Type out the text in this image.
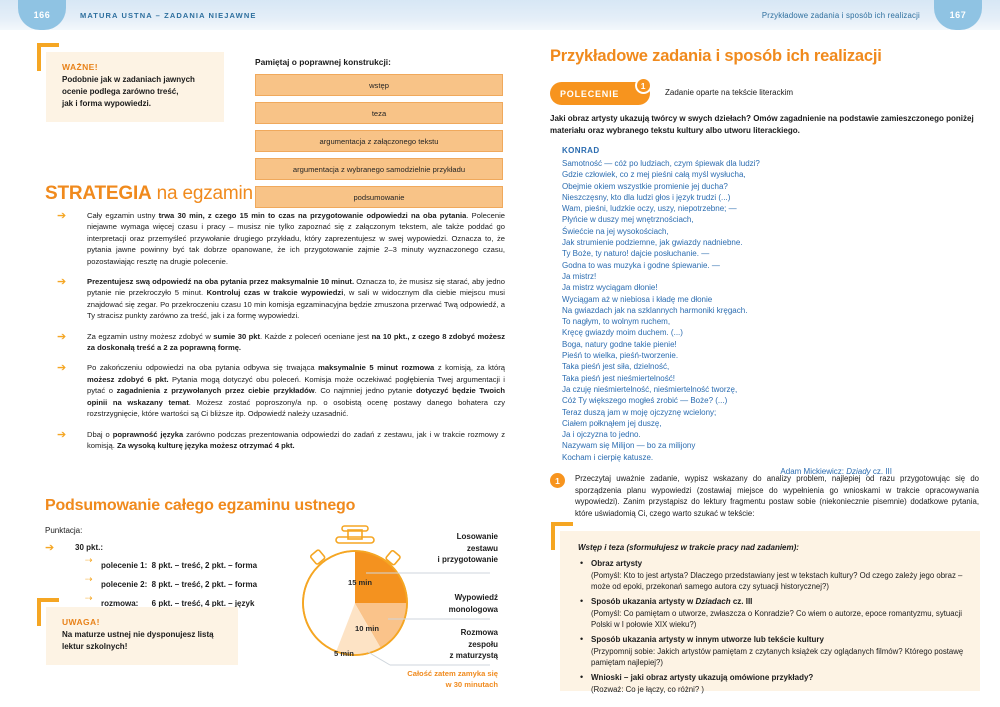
166	MATURA USTNA – ZADANIA NIEJAWNE	Przykładowe zadania i sposób ich realizacji	167
WAŻNE!
Podobnie jak w zadaniach jawnych
ocenie podlega zarówno treść,
jak i forma wypowiedzi.
Pamiętaj o poprawnej konstrukcji:
wstęp
teza
argumentacja z załączonego tekstu
argumentacja z wybranego samodzielnie przykładu
podsumowanie
STRATEGIA na egzamin
➔	Cały egzamin ustny trwa 30 min, z czego 15 min to czas na przygotowanie odpowiedzi na oba pytania. Polecenie niejawne wymaga więcej czasu i pracy – musisz nie tylko zapoznać się z załączonym tekstem, ale także poddać go interpretacji oraz przemyśleć przywołanie drugiego przykładu, który zaprezentujesz w swej wypowiedzi. Oznacza to, że pytania jawne powinny być tak dobrze opanowane, że ich przygotowanie zajmie 2–3 minuty wyznaczonego czasu, pozostawiając resztę na drugie polecenie.
➔	Prezentujesz swą odpowiedź na oba pytania przez maksymalnie 10 minut. Oznacza to, że musisz się starać, aby jedno pytanie nie przekroczyło 5 minut. Kontroluj czas w trakcie wypowiedzi, w sali w widocznym dla ciebie miejscu musi znajdować się zegar. Po przekroczeniu czasu 10 min komisja egzaminacyjna będzie zmuszona przerwać Twą odpowiedź, a Ty stracisz punkty zarówno za treść, jak i za formę wypowiedzi.
➔	Za egzamin ustny możesz zdobyć w sumie 30 pkt. Każde z poleceń oceniane jest na 10 pkt., z czego 8 zdobyć możesz za doskonałą treść a 2 za poprawną formę.
➔	Po zakończeniu odpowiedzi na oba pytania odbywa się trwająca maksymalnie 5 minut rozmowa z komisją, za którą możesz zdobyć 6 pkt. Pytania mogą dotyczyć obu poleceń. Komisja może oczekiwać pogłębienia Twej argumentacji i pytać o zagadnienia z przywołanych przez ciebie przykładów. Co najmniej jedno pytanie dotyczyć będzie Twoich opinii na wskazany temat. Możesz zostać poproszony/a np. o osobistą ocenę postawy danego bohatera czy rozstrzygnięcie, które wartości są Ci bliższe itp. Odpowiedź należy uzasadnić.
➔	Dbaj o poprawność języka zarówno podczas prezentowania odpowiedzi do zadań z zestawu, jak i w trakcie rozmowy z komisją. Za wysoką kulturę języka możesz otrzymać 4 pkt.
Podsumowanie całego egzaminu ustnego
Punktacja:
➔	30 pkt.:
⇢
polecenie 1:  8 pkt. – treść, 2 pkt. – forma
⇢
polecenie 2:  8 pkt. – treść, 2 pkt. – forma
⇢
rozmowa:      6 pkt. – treść, 4 pkt. – język
UWAGA!
Na maturze ustnej nie dysponujesz listą
lektur szkolnych!
15 min
10 min
5 min
Losowanie
zestawu
i przygotowanie
Wypowiedź
monologowa
Rozmowa
zespołu
z maturzystą
Całość zatem zamyka się
w 30 minutach
Przykładowe zadania i sposób ich realizacji
POLECENIE
1
Zadanie oparte na tekście literackim
Jaki obraz artysty ukazują twórcy w swych dziełach? Omów zagadnienie na podstawie zamieszczonego poniżej materiału oraz wybranego tekstu kultury albo utworu literackiego.
KONRAD
Samotność — cóż po ludziach, czym śpiewak dla ludzi?
Gdzie człowiek, co z mej pieśni całą myśl wysłucha,
Obejmie okiem wszystkie promienie jej ducha?
Nieszczęsny, kto dla ludzi głos i język trudzi (...)
Wam, pieśni, ludzkie oczy, uszy, niepotrzebne; —
Płyńcie w duszy mej wnętrznościach,
Świećcie na jej wysokościach,
Jak strumienie podziemne, jak gwiazdy nadniebne.
Ty Boże, ty naturo! dajcie posłuchanie. —
Godna to was muzyka i godne śpiewanie. —
Ja mistrz!
Ja mistrz wyciągam dłonie!
Wyciągam aż w niebiosa i kładę me dłonie
Na gwiazdach jak na szklannych harmoniki kręgach.
To nagłym, to wolnym ruchem,
Kręcę gwiazdy moim duchem. (...)
Boga, natury godne takie pienie!
Pieśń to wielka, pieśń-tworzenie.
Taka pieśń jest siła, dzielność,
Taka pieśń jest nieśmiertelność!
Ja czuję nieśmiertelność, nieśmiertelność tworzę,
Cóż Ty większego mogłeś zrobić — Boże? (...)
Teraz duszą jam w moję ojczyznę wcielony;
Ciałem połknąłem jej duszę,
Ja i ojczyzna to jedno.
Nazywam się Milijon — bo za milijony
Kocham i cierpię katusze.
Adam Mickiewicz: Dziady cz. III
1	Przeczytaj uważnie zadanie, wypisz wskazany do analizy problem, najlepiej od razu przygotowując się do sporządzenia planu wypowiedzi (zostawiaj miejsce do wypełnienia go wnioskami w trakcie opracowywania wypowiedzi). Zanim przystąpisz do lektury fragmentu postaw sobie (niekoniecznie pisemnie) dodatkowe pytania, które uświadomią Ci, czego warto szukać w tekście:
Wstęp i teza (sformułujesz w trakcie pracy nad zadaniem):
• Obraz artysty
(Pomyśl: Kto to jest artysta? Dlaczego przedstawiany jest w tekstach kultury? Od czego zależy jego obraz – może od epoki, przekonań samego autora czy sytuacji historycznej?)
• Sposób ukazania artysty w Dziadach cz. III
(Pomyśl: Co pamiętam o utworze, zwłaszcza o Konradzie? Co wiem o autorze, epoce romantyzmu, sytuacji Polski w I połowie XIX wieku?)
• Sposób ukazania artysty w innym utworze lub tekście kultury
(Przypomnij sobie: Jakich artystów pamiętam z czytanych książek czy oglądanych filmów? Którego postawę pamiętam najlepiej?)
• Wnioski – jaki obraz artysty ukazują omówione przykłady?
(Rozważ: Co je łączy, co różni? )
